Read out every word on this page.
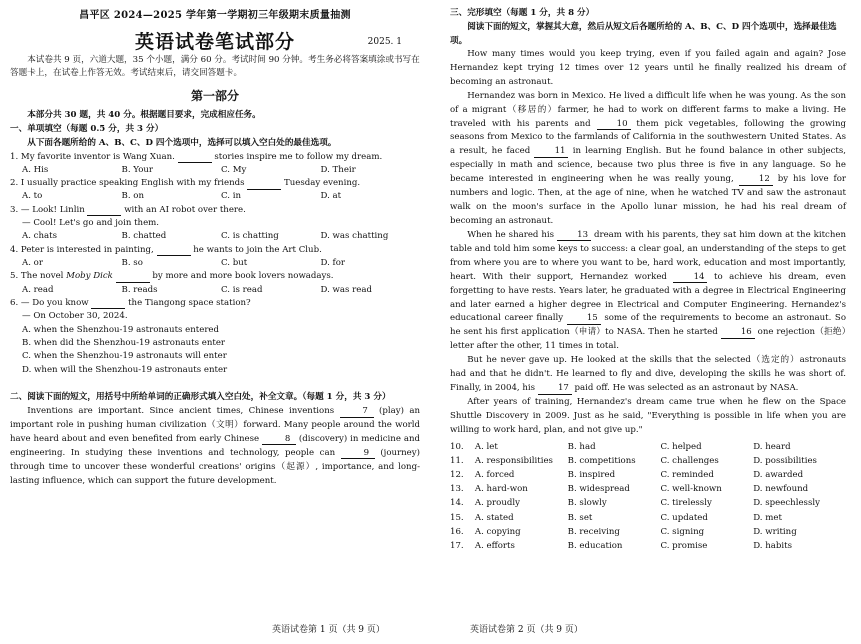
昌平区 2024—2025 学年第一学期初三年级期末质量抽测
英语试卷笔试部分	2025. 1
本试卷共 9 页，六道大题，35 个小题，满分 60 分。考试时间 90 分钟。考生务必将答案填涂或书写在答题卡上，在试卷上作答无效。考试结束后，请交回答题卡。
第一部分
本部分共 30 题，共 40 分。根据题目要求，完成相应任务。
一、单项填空（每题 0.5 分，共 3 分）
从下面各题所给的 A、B、C、D 四个选项中，选择可以填入空白处的最佳选项。
1. My favorite inventor is Wang Xuan.	stories inspire me to follow my dream.
A. His	B. Your	C. My	D. Their
2. I usually practice speaking English with my friends	Tuesday evening.
A. to	B. on	C. in	D. at
3. — Look! Linlin	with an AI robot over there.
— Cool! Let's go and join them.
A. chats	B. chatted	C. is chatting	D. was chatting
4. Peter is interested in painting,	he wants to join the Art Club.
A. or	B. so	C. but	D. for
5. The novel Moby Dick	by more and more book lovers nowadays.
A. read	B. reads	C. is read	D. was read
6. — Do you know	the Tiangong space station?
— On October 30, 2024.
A. when the Shenzhou-19 astronauts entered
B. when did the Shenzhou-19 astronauts enter
C. when the Shenzhou-19 astronauts will enter
D. when will the Shenzhou-19 astronauts enter
二、阅读下面的短文，用括号中所给单词的正确形式填入空白处，补全文章。（每题 1 分，共 3 分）

Inventions are important. Since ancient times, Chinese inventions	7 (play) an important role in pushing human civilization（文明）forward. Many people around the world have heard about and even benefited from early Chinese	8 (discovery) in medicine and engineering. In studying these inventions and technology, people can	9 (journey) through time to uncover these wonderful creations' origins（起源）, importance, and long-lasting influence, which can support the future development.

英语试卷第 1 页（共 9 页）
三、完形填空（每题 1 分，共 8 分）
阅读下面的短文，掌握其大意，然后从短文后各题所给的 A、B、C、D 四个选项中，选择最佳选项。

How many times would you keep trying, even if you failed again and again? Jose Hernandez kept trying 12 times over 12 years until he finally realized his dream of becoming an astronaut.

Hernandez was born in Mexico. He lived a difficult life when he was young. As the son of a migrant（移居的）farmer, he had to work on different farms to make a living. He traveled with his parents and 10 them pick vegetables, following the growing seasons from Mexico to the farmlands of California in the southwestern United States. As a result, he faced 11 in learning English. But he found balance in other subjects, especially in math and science, because two plus three is five in any language. So he became interested in engineering when he was really young, 12 by his love for numbers and logic. Then, at the age of nine, when he watched TV and saw the astronaut walk on the moon's surface in the Apollo lunar mission, he had his real dream of becoming an astronaut.

When he shared his 13 dream with his parents, they sat him down at the kitchen table and told him some keys to success: a clear goal, an understanding of the steps to get from where you are to where you want to be, hard work, education and most importantly, heart. With their support, Hernandez worked 14 to achieve his dream, even forgetting to have rests. Years later, he graduated with a degree in Electrical Engineering and later earned a higher degree in Electrical and Computer Engineering. Hernandez's educational career finally 15 some of the requirements to become an astronaut. So he sent his first application（申请）to NASA. Then he started 16 one rejection（拒绝）letter after the other, 11 times in total.

But he never gave up. He looked at the skills that the selected（选定的）astronauts had and that he didn't. He learned to fly and dive, developing the skills he was short of. Finally, in 2004, his 17 paid off. He was selected as an astronaut by NASA.

After years of training, Hernandez's dream came true when he flew on the Space Shuttle Discovery in 2009. Just as he said, "Everything is possible in life when you are willing to work hard, plan, and not give up."

10.	A. let	B. had	C. helped	D. heard
11.	A. responsibilities	B. competitions	C. challenges	D. possibilities
12.	A. forced	B. inspired	C. reminded	D. awarded
13.	A. hard-won	B. widespread	C. well-known	D. newfound
14.	A. proudly	B. slowly	C. tirelessly	D. speechlessly
15.	A. stated	B. set	C. updated	D. met
16.	A. copying	B. receiving	C. signing	D. writing
17.	A. efforts	B. education	C. promise	D. habits
英语试卷第 2 页（共 9 页）
